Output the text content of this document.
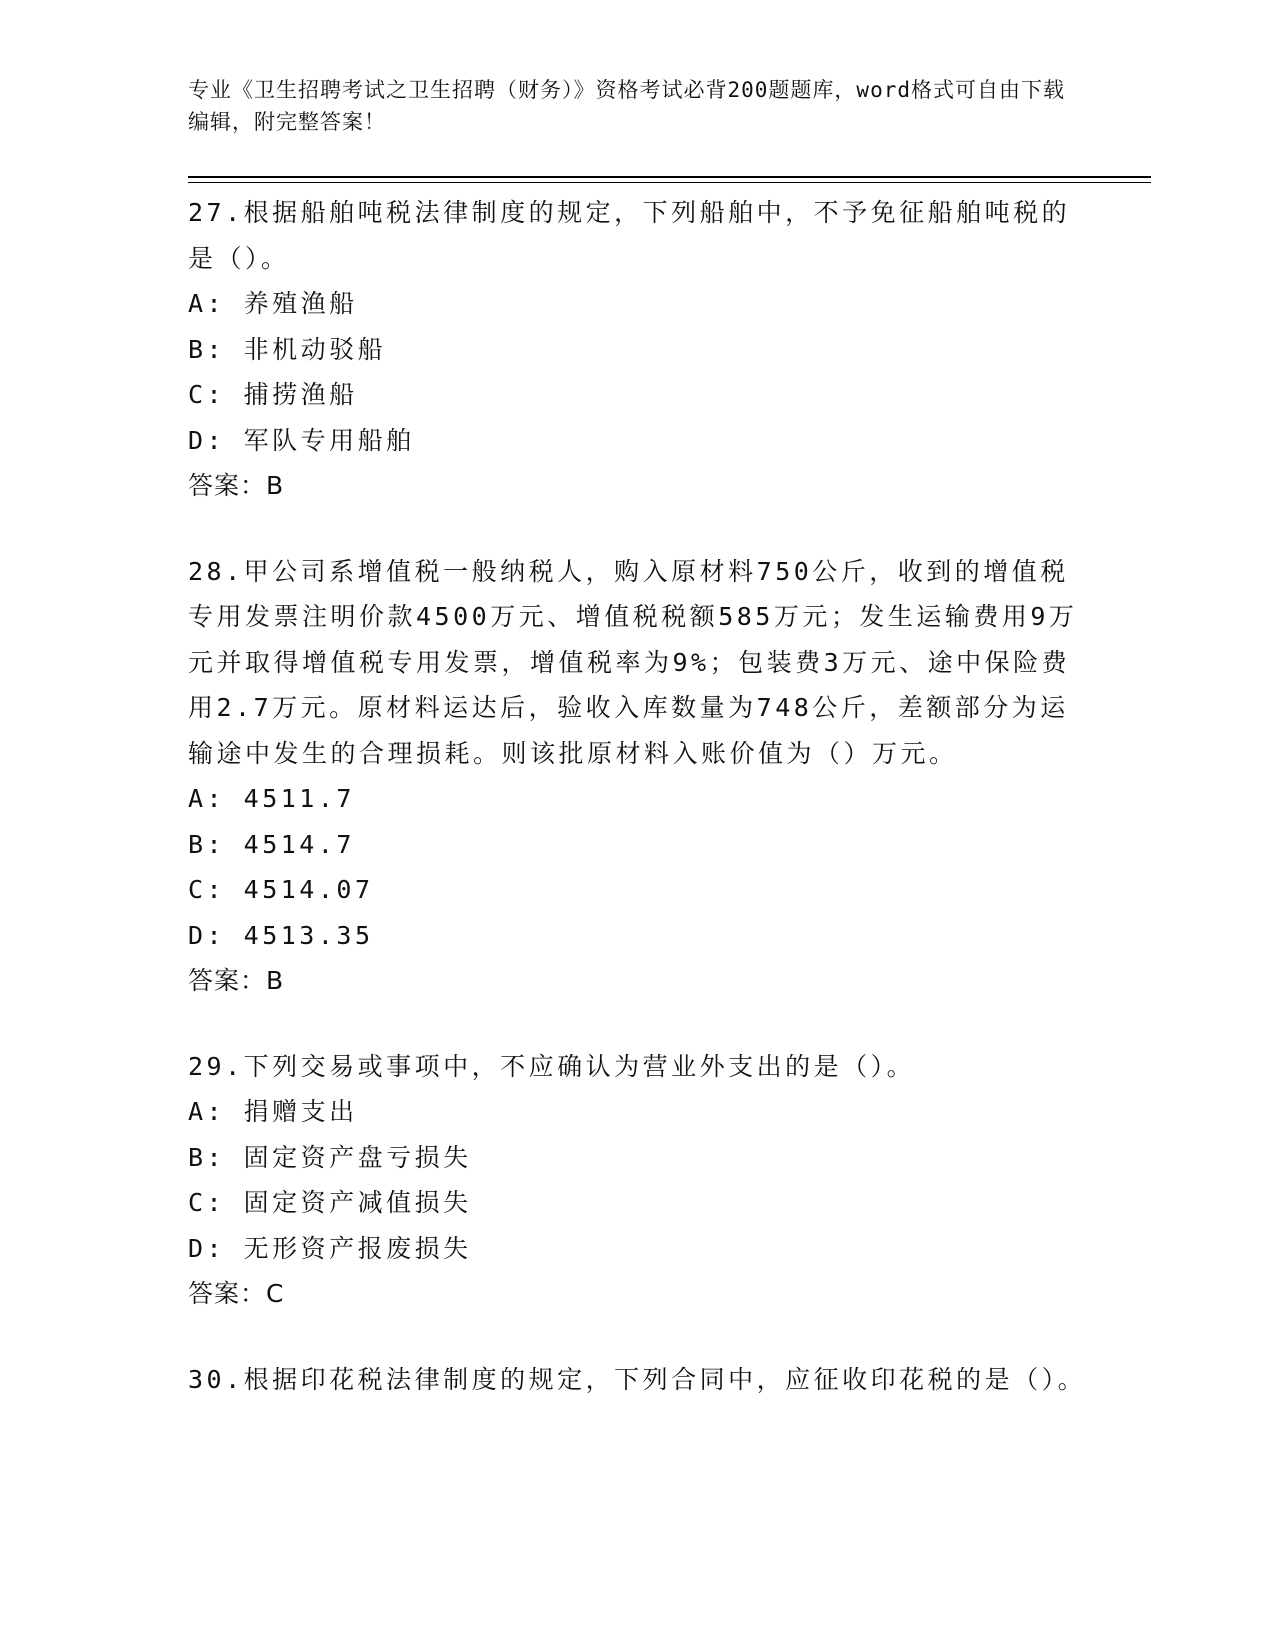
专业《卫生招聘考试之卫生招聘（财务）》资格考试必背200题题库，word格式可自由下载编辑，附完整答案！

27.根据船舶吨税法律制度的规定，下列船舶中，不予免征船舶吨税的是（）。

A: 养殖渔船

B: 非机动驳船

C: 捕捞渔船

D: 军队专用船舶

答案：B

28.甲公司系增值税一般纳税人，购入原材料750公斤，收到的增值税专用发票注明价款4500万元、增值税税额585万元；发生运输费用9万元并取得增值税专用发票，增值税率为9%；包装费3万元、途中保险费用2.7万元。原材料运达后，验收入库数量为748公斤，差额部分为运输途中发生的合理损耗。则该批原材料入账价值为（）万元。

A: 4511.7

B: 4514.7

C: 4514.07

D: 4513.35

答案：B

29.下列交易或事项中，不应确认为营业外支出的是（）。

A: 捐赠支出

B: 固定资产盘亏损失

C: 固定资产减值损失

D: 无形资产报废损失

答案：C

30.根据印花税法律制度的规定，下列合同中，应征收印花税的是（）。
